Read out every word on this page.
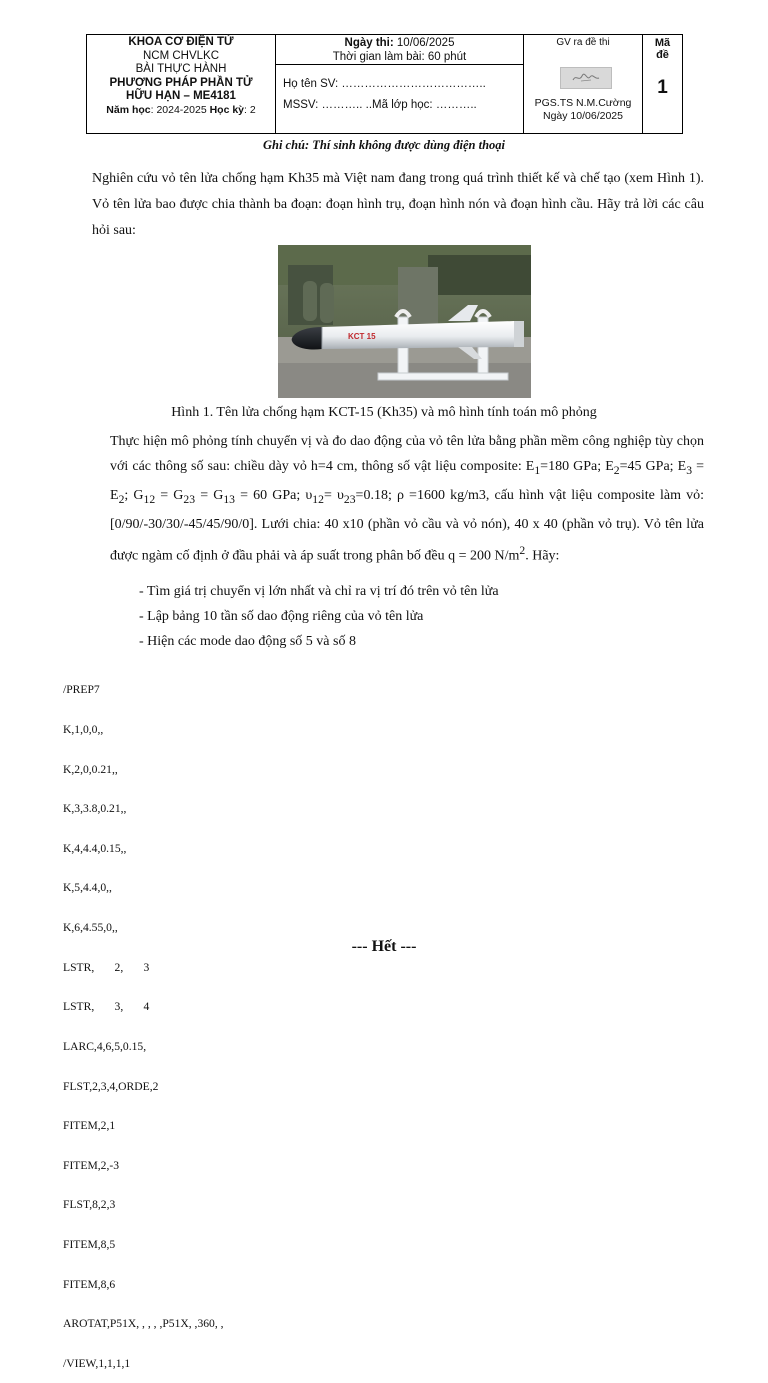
KHOA CƠ ĐIỆN TỬ
NCM CHVLKC
BÀI THỰC HÀNH
PHƯƠNG PHÁP PHẦN TỬ
HỮU HẠN – ME4181
Năm học: 2024-2025 Học kỳ: 2
Ngày thi: 10/06/2025
Thời gian làm bài: 60 phút
Họ tên SV: ………………………………..
MSSV: ……….. ..Mã lớp học: ………..
GV ra đề thi
PGS.TS N.M.Cường
Ngày 10/06/2025
Mã
đề
1
Ghi chú: Thí sinh không được dùng điện thoại
Nghiên cứu vỏ tên lửa chống hạm Kh35 mà Việt nam đang trong quá trình thiết kế và chế tạo (xem Hình 1). Vỏ tên lửa bao được chia thành ba đoạn: đoạn hình trụ, đoạn hình nón và đoạn hình cầu. Hãy trả lời các câu hỏi sau:
KCT 15
Hình 1. Tên lửa chống hạm KCT-15 (Kh35) và mô hình tính toán mô phỏng
Thực hiện mô phỏng tính chuyển vị và đo dao động của vỏ tên lửa bằng phần mềm công nghiệp tùy chọn với các thông số sau: chiều dày vỏ h=4 cm, thông số vật liệu composite: $E_1=180$ GPa; $E_2=45$ GPa; $E_3 = E_2$; $G_{12} = G_{23} = G_{13} = 60$ GPa; $\upsilon_{12}= \upsilon_{23}=0.18$; ρ =1600 kg/m3, cấu hình vật liệu composite làm vỏ: [0/90/-30/30/-45/45/90/0]. Lưới chia: 40 x10 (phần vỏ cầu và vỏ nón), 40 x 40 (phần vỏ trụ). Vỏ tên lửa được ngàm cố định ở đầu phải và áp suất trong phân bố đều q = 200 $N/m^2$. Hãy:
- Tìm giá trị chuyển vị lớn nhất và chỉ ra vị trí đó trên vỏ tên lửa
- Lập bảng 10 tần số dao động riêng của vỏ tên lửa
- Hiện các mode dao động số 5 và số 8

/PREP7

K,1,0,0,,

K,2,0,0.21,,

K,3,3.8,0.21,,

K,4,4.4,0.15,,

K,5,4.4,0,,

K,6,4.55,0,,

LSTR,       2,       3

LSTR,       3,       4

LARC,4,6,5,0.15,

FLST,2,3,4,ORDE,2

FITEM,2,1

FITEM,2,-3

FLST,8,2,3

FITEM,8,5

FITEM,8,6

AROTAT,P51X, , , , ,P51X, ,360, ,

/VIEW,1,1,1,1

--- Hết ---
